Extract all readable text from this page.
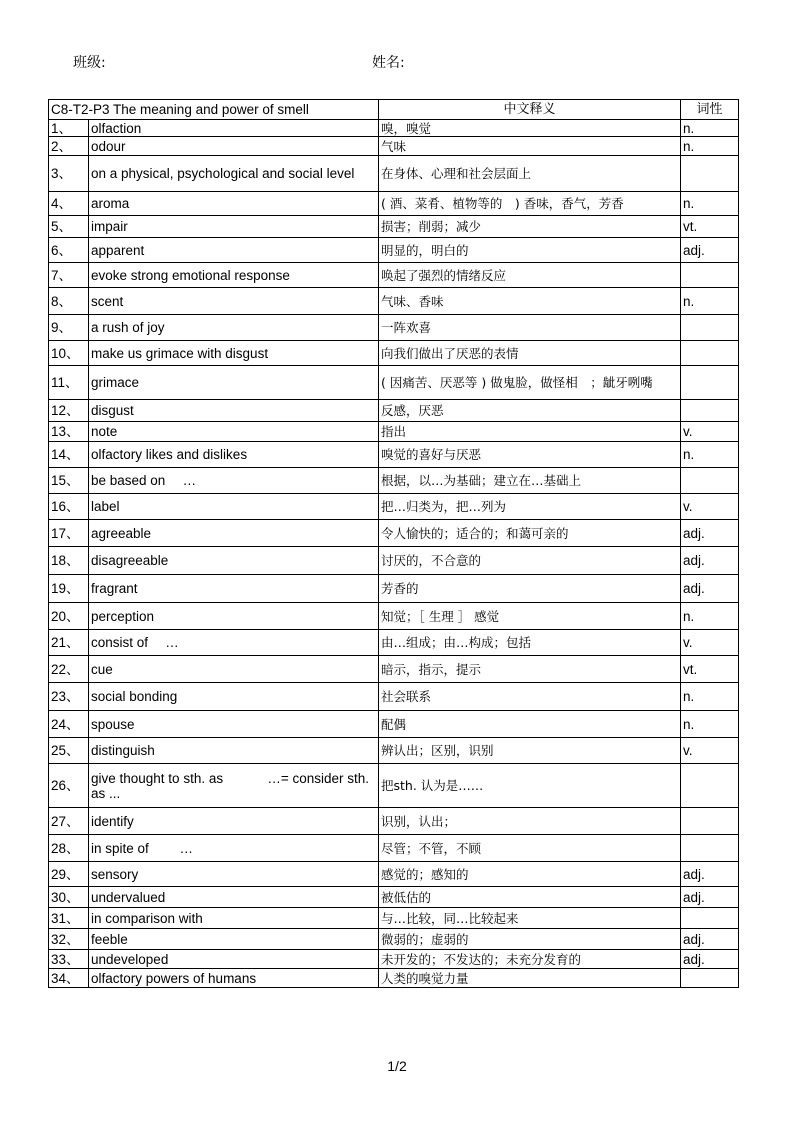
班级:	姓名:
C8-T2-P3 The meaning and power of smell		中文释义	词性
1、	olfaction	嗅，嗅觉	n.
2、	odour	气味	n.
3、	on a physical, psychological and social level	在身体、心理和社会层面上	
4、	aroma	( 酒、菜肴、植物等的　) 香味，香气，芳香	n.
5、	impair	损害；削弱；减少	vt.
6、	apparent	明显的，明白的	adj.
7、	evoke strong emotional response	唤起了强烈的情绪反应	
8、	scent	气味、香味	n.
9、	a rush of joy	一阵欢喜	
10、	make us grimace with disgust	向我们做出了厌恶的表情	
11、	grimace	( 因痛苦、厌恶等 ) 做鬼脸，做怪相　；龇牙咧嘴	
12、	disgust	反感，厌恶	
13、	note	指出	v.
14、	olfactory likes and dislikes	嗅觉的喜好与厌恶	n.
15、	be based on　 …	根据，以…为基础；建立在…基础上	
16、	label	把…归类为，把…列为	v.
17、	agreeable	令人愉快的；适合的；和蔼可亲的	adj.
18、	disagreeable	讨厌的，不合意的	adj.
19、	fragrant	芳香的	adj.
20、	perception	知觉；［ 生理 ］ 感觉	n.
21、	consist of　 …	由…组成；由…构成；包括	v.
22、	cue	暗示，指示，提示	vt.
23、	social bonding	社会联系	n.
24、	spouse	配偶	n.
25、	distinguish	辨认出；区别，识别	v.
26、	give thought to sth. as　　　 …= consider sth. as ...	把sth. 认为是……	
27、	identify	识别，认出；	
28、	in spite of　　 …	尽管；不管，不顾	
29、	sensory	感觉的；感知的	adj.
30、	undervalued	被低估的	adj.
31、	in comparison with	与…比较，同…比较起来	
32、	feeble	微弱的；虚弱的	adj.
33、	undeveloped	未开发的；不发达的；未充分发育的	adj.
34、	olfactory powers of humans	人类的嗅觉力量	
1/2
